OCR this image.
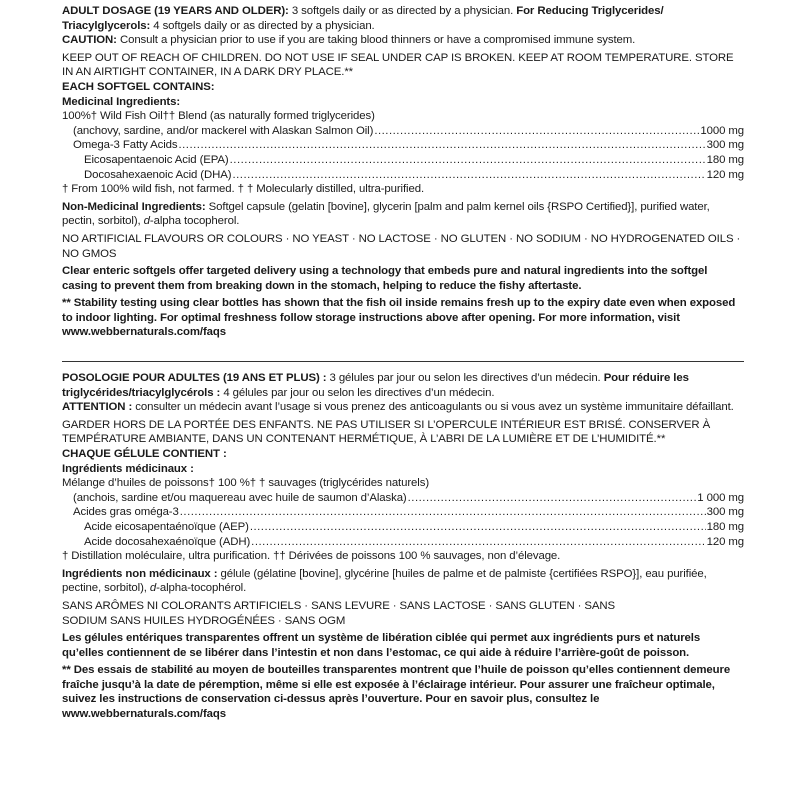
ADULT DOSAGE (19 YEARS AND OLDER): 3 softgels daily or as directed by a physician. For Reducing Triglycerides/ Triacylglycerols: 4 softgels daily or as directed by a physician.

CAUTION: Consult a physician prior to use if you are taking blood thinners or have a compromised immune system.

KEEP OUT OF REACH OF CHILDREN. DO NOT USE IF SEAL UNDER CAP IS BROKEN. KEEP AT ROOM TEMPERATURE. STORE IN AN AIRTIGHT CONTAINER, IN A DARK DRY PLACE.**

EACH SOFTGEL CONTAINS:

Medicinal Ingredients:

100%† Wild Fish Oil†† Blend (as naturally formed triglycerides)

(anchovy, sardine, and/or mackerel with Alaskan Salmon Oil) .....	1000 mg
Omega-3 Fatty Acids .....	300 mg
Eicosapentaenoic Acid (EPA) .....	180 mg
Docosahexaenoic Acid (DHA) .....	120 mg

† From 100% wild fish, not farmed. † † Molecularly distilled, ultra-purified.

Non-Medicinal Ingredients: Softgel capsule (gelatin [bovine], glycerin [palm and palm kernel oils {RSPO Certified}], purified water, pectin, sorbitol), d-alpha tocopherol.

NO ARTIFICIAL FLAVOURS OR COLOURS · NO YEAST · NO LACTOSE · NO GLUTEN · NO SODIUM · NO HYDROGENATED OILS · NO GMOS

Clear enteric softgels offer targeted delivery using a technology that embeds pure and natural ingredients into the softgel casing to prevent them from breaking down in the stomach, helping to reduce the fishy aftertaste.

** Stability testing using clear bottles has shown that the fish oil inside remains fresh up to the expiry date even when exposed to indoor lighting. For optimal freshness follow storage instructions above after opening. For more information, visit www.webbernaturals.com/faqs

POSOLOGIE POUR ADULTES (19 ANS ET PLUS) : 3 gélules par jour ou selon les directives d’un médecin. Pour réduire les triglycérides/triacylglycérols : 4 gélules par jour ou selon les directives d’un médecin.

ATTENTION : consulter un médecin avant l’usage si vous prenez des anticoagulants ou si vous avez un système immunitaire défaillant.

GARDER HORS DE LA PORTÉE DES ENFANTS. NE PAS UTILISER SI L’OPERCULE INTÉRIEUR EST BRISÉ. CONSERVER À TEMPÉRATURE AMBIANTE, DANS UN CONTENANT HERMÉTIQUE, À L’ABRI DE LA LUMIÈRE ET DE L’HUMIDITÉ.**

CHAQUE GÉLULE CONTIENT :

Ingrédients médicinaux :

Mélange d’huiles de poissons† 100 %† † sauvages (triglycérides naturels)

(anchois, sardine et/ou maquereau avec huile de saumon d’Alaska) .....	1 000 mg
Acides gras oméga-3 .....	300 mg
Acide eicosapentaénoïque (AEP) .....	180 mg
Acide docosahexaénoïque (ADH) .....	120 mg

† Distillation moléculaire, ultra purification. †† Dérivées de poissons 100 % sauvages, non d’élevage.

Ingrédients non médicinaux : gélule (gélatine [bovine], glycérine [huiles de palme et de palmiste {certifiées RSPO}], eau purifiée, pectine, sorbitol), d-alpha-tocophérol.

SANS ARÔMES NI COLORANTS ARTIFICIELS · SANS LEVURE · SANS LACTOSE · SANS GLUTEN · SANS SODIUM SANS HUILES HYDROGÉNÉES · SANS OGM

Les gélules entériques transparentes offrent un système de libération ciblée qui permet aux ingrédients purs et naturels qu’elles contiennent de se libérer dans l’intestin et non dans l’estomac, ce qui aide à réduire l’arrière-goût de poisson.

** Des essais de stabilité au moyen de bouteilles transparentes montrent que l’huile de poisson qu’elles contiennent demeure fraîche jusqu’à la date de péremption, même si elle est exposée à l’éclairage intérieur. Pour assurer une fraîcheur optimale, suivez les instructions de conservation ci-dessus après l’ouverture. Pour en savoir plus, consultez le www.webbernaturals.com/faqs
